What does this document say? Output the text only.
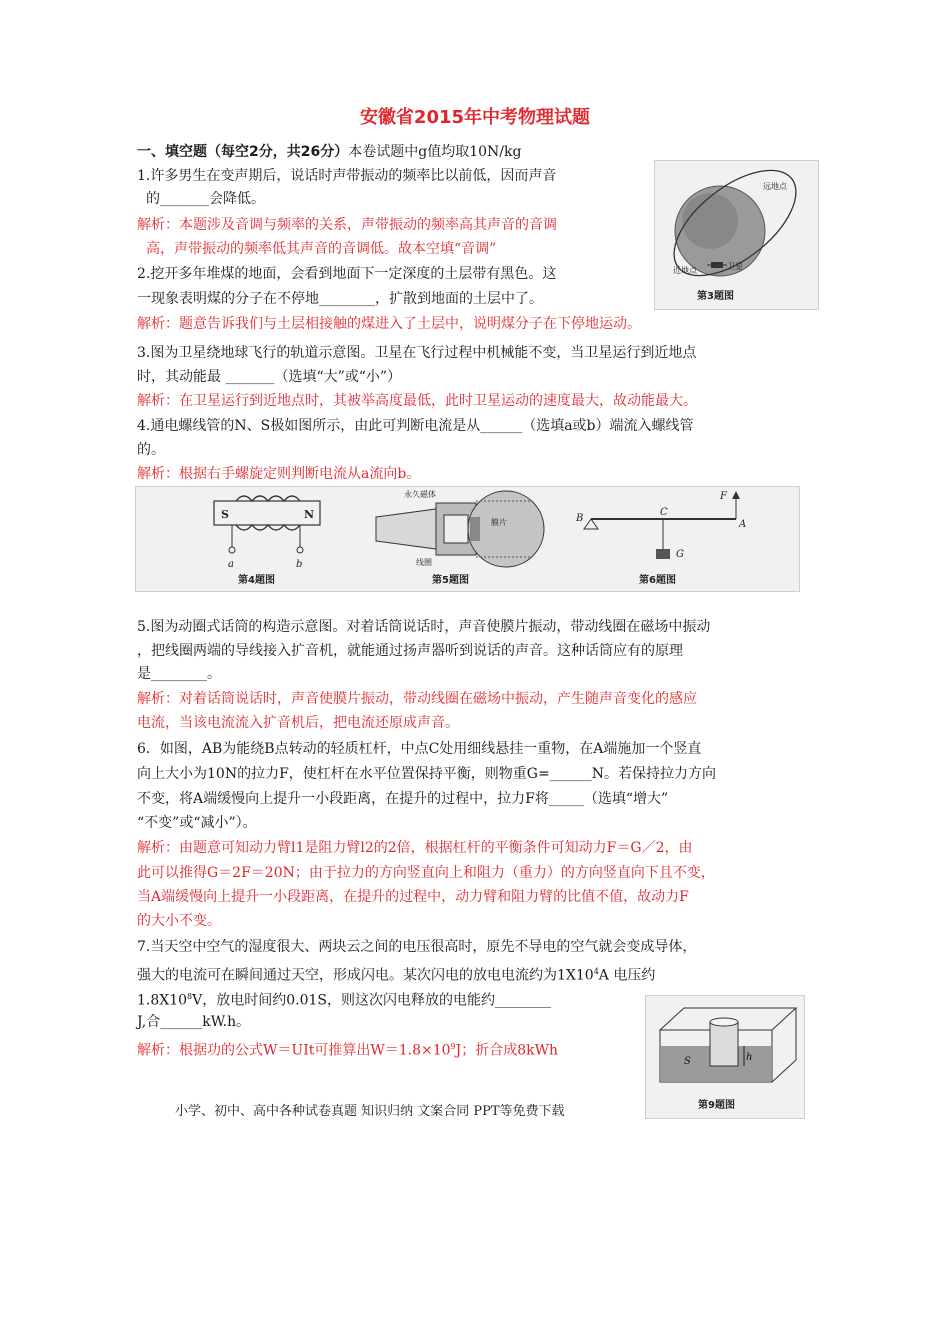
安徽省2015年中考物理试题
一、填空题（每空2分，共26分）本卷试题中g值均取10N/kg
1.许多男生在变声期后，说话时声带振动的频率比以前低，因而声音
的_______会降低。
解析：本题涉及音调与频率的关系，声带振动的频率高其声音的音调
高，声带振动的频率低其声音的音调低。故本空填“音调”
2.挖开多年堆煤的地面，会看到地面下一定深度的土层带有黑色。这
一现象表明煤的分子在不停地________，扩散到地面的土层中了。
解析：题意告诉我们与土层相接触的煤进入了土层中，说明煤分子在下停地运动。
远地点
近地点	卫星
第3题图
3.图为卫星绕地球飞行的轨道示意图。卫星在飞行过程中机械能不变，当卫星运行到近地点
时，其动能最 _______（选填“大”或“小”）
解析：在卫星运行到近地点时，其被举高度最低，此时卫星运动的速度最大，故动能最大。
4.通电螺线管的N、S极如图所示，由此可判断电流是从______（选填a或b）端流入螺线管
的。
解析：根据右手螺旋定则判断电流从a流向b。
S	N
a	b
第4题图
永久磁体
膜片
线圈
第5题图
B
C
A
F
G
第6题图
5.图为动圈式话筒的构造示意图。对着话筒说话时，声音使膜片振动，带动线圈在磁场中振动
，把线圈两端的导线接入扩音机，就能通过扬声器听到说话的声音。这种话筒应有的原理
是________。
解析：对着话筒说话时，声音使膜片振动，带动线圈在磁场中振动，产生随声音变化的感应
电流，当该电流流入扩音机后，把电流还原成声音。
6．如图，AB为能绕B点转动的轻质杠杆，中点C处用细线悬挂一重物，在A端施加一个竖直
向上大小为10N的拉力F，使杠杆在水平位置保持平衡，则物重G=______N。若保持拉力方向
不变，将A端缓慢向上提升一小段距离，在提升的过程中，拉力F将_____（选填“增大”
“不变”或“减小”）。
解析：由题意可知动力臂l1是阻力臂l2的2倍，根据杠杆的平衡条件可知动力F＝G／2，由
此可以推得G＝2F＝20N；由于拉力的方向竖直向上和阻力（重力）的方向竖直向下且不变，
当A端缓慢向上提升一小段距离，在提升的过程中，动力臂和阻力臂的比值不值，故动力F
的大小不变。
7.当天空中空气的湿度很大、两块云之间的电压很高时，原先不导电的空气就会变成导体，
强大的电流可在瞬间通过天空，形成闪电。某次闪电的放电电流约为$1X10^4A$ 电压约
$1.8X10^8V$，放电时间约0.01S，则这次闪电释放的电能约________
J,合______kW.h。
解析：根据功的公式W＝UIt可推算出$W=1.8\times 10^9J$；折合成8kWh	h
S
第9题图
小学、初中、高中各种试卷真题 知识归纳 文案合同 PPT等免费下载
